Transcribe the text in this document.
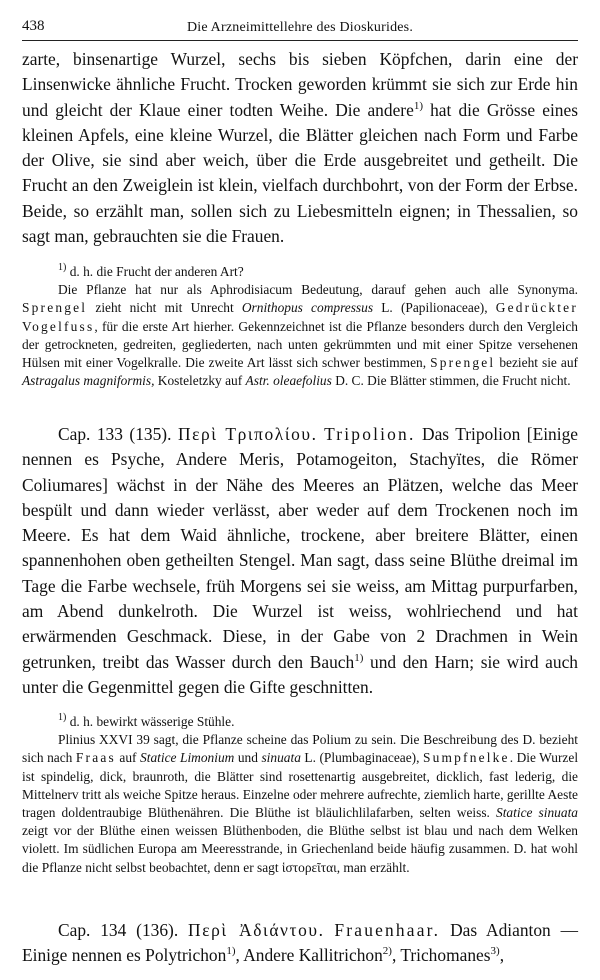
438	Die Arzneimittellehre des Dioskurides.

zarte, binsenartige Wurzel, sechs bis sieben Köpfchen, darin eine der Linsenwicke ähnliche Frucht. Trocken geworden krümmt sie sich zur Erde hin und gleicht der Klaue einer todten Weihe. Die andere$^{1)}$ hat die Grösse eines kleinen Apfels, eine kleine Wurzel, die Blätter gleichen nach Form und Farbe der Olive, sie sind aber weich, über die Erde ausgebreitet und getheilt. Die Frucht an den Zweiglein ist klein, vielfach durchbohrt, von der Form der Erbse. Beide, so erzählt man, sollen sich zu Liebesmitteln eignen; in Thessalien, so sagt man, gebrauchten sie die Frauen.

$^{1)}$ d. h. die Frucht der anderen Art?
Die Pflanze hat nur als Aphrodisiacum Bedeutung, darauf gehen auch alle Synonyma. Sprengel zieht nicht mit Unrecht Ornithopus compressus L. (Papilionaceae), Gedrückter Vogelfuss, für die erste Art hierher. Gekennzeichnet ist die Pflanze besonders durch den Vergleich der getrockneten, gedreiten, gegliederten, nach unten gekrümmten und mit einer Spitze versehenen Hülsen mit einer Vogelkralle. Die zweite Art lässt sich schwer bestimmen, Sprengel bezieht sie auf Astragalus magniformis, Kosteletzky auf Astr. oleaefolius D. C. Die Blätter stimmen, die Frucht nicht.

Cap. 133 (135). Περὶ Τριπολίου. Tripolion. Das Tripolion [Einige nennen es Psyche, Andere Meris, Potamogeiton, Stachyïtes, die Römer Coliumares] wächst in der Nähe des Meeres an Plätzen, welche das Meer bespült und dann wieder verlässt, aber weder auf dem Trockenen noch im Meere. Es hat dem Waid ähnliche, trockene, aber breitere Blätter, einen spannenhohen oben getheilten Stengel. Man sagt, dass seine Blüthe dreimal im Tage die Farbe wechsele, früh Morgens sei sie weiss, am Mittag purpurfarben, am Abend dunkelroth. Die Wurzel ist weiss, wohlriechend und hat erwärmenden Geschmack. Diese, in der Gabe von 2 Drachmen in Wein getrunken, treibt das Wasser durch den Bauch$^{1)}$ und den Harn; sie wird auch unter die Gegenmittel gegen die Gifte geschnitten.

$^{1)}$ d. h. bewirkt wässerige Stühle.
Plinius XXVI 39 sagt, die Pflanze scheine das Polium zu sein. Die Beschreibung des D. bezieht sich nach Fraas auf Statice Limonium und sinuata L. (Plumbaginaceae), Sumpfnelke. Die Wurzel ist spindelig, dick, braunroth, die Blätter sind rosettenartig ausgebreitet, dicklich, fast lederig, die Mittelnerv tritt als weiche Spitze heraus. Einzelne oder mehrere aufrechte, ziemlich harte, gerillte Aeste tragen doldentraubige Blüthenähren. Die Blüthe ist bläulichlilafarben, selten weiss. Statice sinuata zeigt vor der Blüthe einen weissen Blüthenboden, die Blüthe selbst ist blau und nach dem Welken violett. Im südlichen Europa am Meeresstrande, in Griechenland beide häufig zusammen. D. hat wohl die Pflanze nicht selbst beobachtet, denn er sagt ἱστορεῖται, man erzählt.

Cap. 134 (136). Περὶ Ἀδιάντου. Frauenhaar. Das Adianton — Einige nennen es Polytrichon$^{1)}$, Andere Kallitrichon$^{2)}$, Trichomanes$^{3)}$,
